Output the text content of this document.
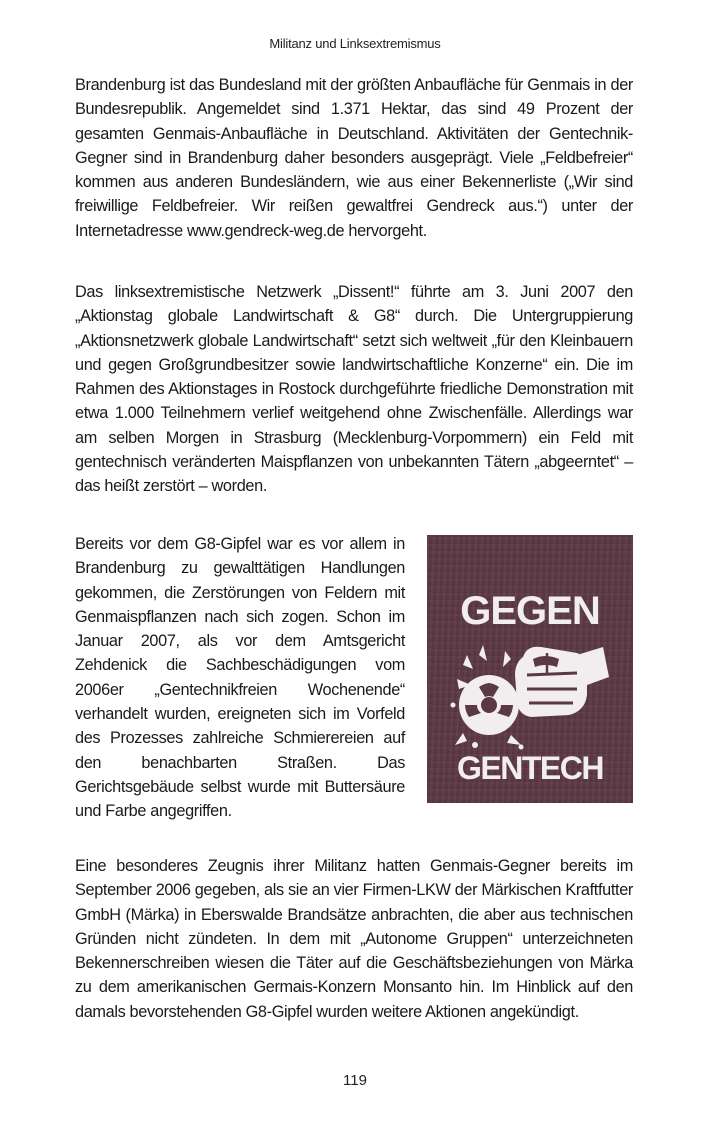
Militanz und Linksextremismus

Brandenburg ist das Bundesland mit der größten Anbaufläche für Genmais in der Bundesrepublik. Angemeldet sind 1.371 Hektar, das sind 49 Prozent der gesamten Genmais-Anbaufläche in Deutschland. Aktivitäten der Gentechnik-Gegner sind in Brandenburg daher besonders ausgeprägt. Viele „Feldbefreier“ kommen aus anderen Bundesländern, wie aus einer Bekennerliste („Wir sind freiwillige Feldbefreier. Wir reißen gewaltfrei Gendreck aus.“) unter der Internetadresse www.gendreck-weg.de hervorgeht.

Das linksextremistische Netzwerk „Dissent!“ führte am 3. Juni 2007 den „Aktionstag globale Landwirtschaft & G8“ durch. Die Untergruppierung „Aktionsnetzwerk globale Landwirtschaft“ setzt sich weltweit „für den Kleinbauern und gegen Großgrundbesitzer sowie landwirtschaftliche Konzerne“ ein. Die im Rahmen des Aktionstages in Rostock durchgeführte friedliche Demonstration mit etwa 1.000 Teilnehmern verlief weitgehend ohne Zwischenfälle. Allerdings war am selben Morgen in Strasburg (Mecklenburg-Vorpommern) ein Feld mit gentechnisch veränderten Maispflanzen von unbekannten Tätern „abgeerntet“ – das heißt zerstört – worden.

Bereits vor dem G8-Gipfel war es vor allem in Brandenburg zu gewalttätigen Handlungen gekommen, die Zerstörungen von Feldern mit Genmaispflanzen nach sich zogen. Schon im Januar 2007, als vor dem Amtsgericht Zehdenick die Sachbeschädigungen vom 2006er „Gentechnikfreien Wochenende“ verhandelt wurden, ereigneten sich im Vorfeld des Prozesses zahlreiche Schmierereien auf den benachbarten Straßen. Das Gerichtsgebäude selbst wurde mit Buttersäure und Farbe angegriffen.

GEGEN
GENTECH

Eine besonderes Zeugnis ihrer Militanz hatten Genmais-Gegner bereits im September 2006 gegeben, als sie an vier Firmen-LKW der Märkischen Kraftfutter GmbH (Märka) in Eberswalde Brandsätze anbrachten, die aber aus technischen Gründen nicht zündeten. In dem mit „Autonome Gruppen“ unterzeichneten Bekennerschreiben wiesen die Täter auf die Geschäftsbeziehungen von Märka zu dem amerikanischen Germais-Konzern Monsanto hin. Im Hinblick auf den damals bevorstehenden G8-Gipfel wurden weitere Aktionen angekündigt.

119
